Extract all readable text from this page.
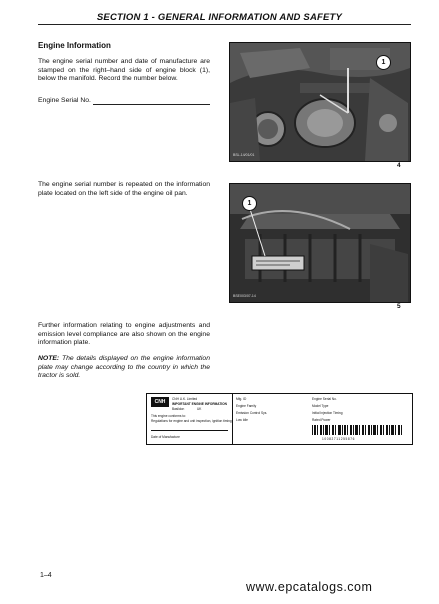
SECTION 1 - GENERAL INFORMATION AND SAFETY
Engine Information
The engine serial number and date of manufacture are stamped on the right–hand side of engine block (1), below the manifold. Record the number below.
Engine Serial No.
The engine serial number is repeated on the information plate located on the left side of the engine oil pan.
Further information relating to engine adjustments and emission level compliance are also shown on the engine information plate.
NOTE: The details displayed on the engine information plate may change according to the country in which the tractor is sold.
1
BSL-14/01/01
4
1
BSE003/07-14
5
CNH	CNH U.K. Limited
IMPORTANT ENGINE INFORMATION
Basildon	UK
This engine conforms to:
Regulations for engine and unit inspection, ignition timing
Date of Manufacture
Mfg. ID	Engine Serial No.
Engine Family	Model Type
Emission Control Sys.	Initial Injection Timing
Low Idle	Rated Power
10082711255876
1–4
www.epcatalogs.com
